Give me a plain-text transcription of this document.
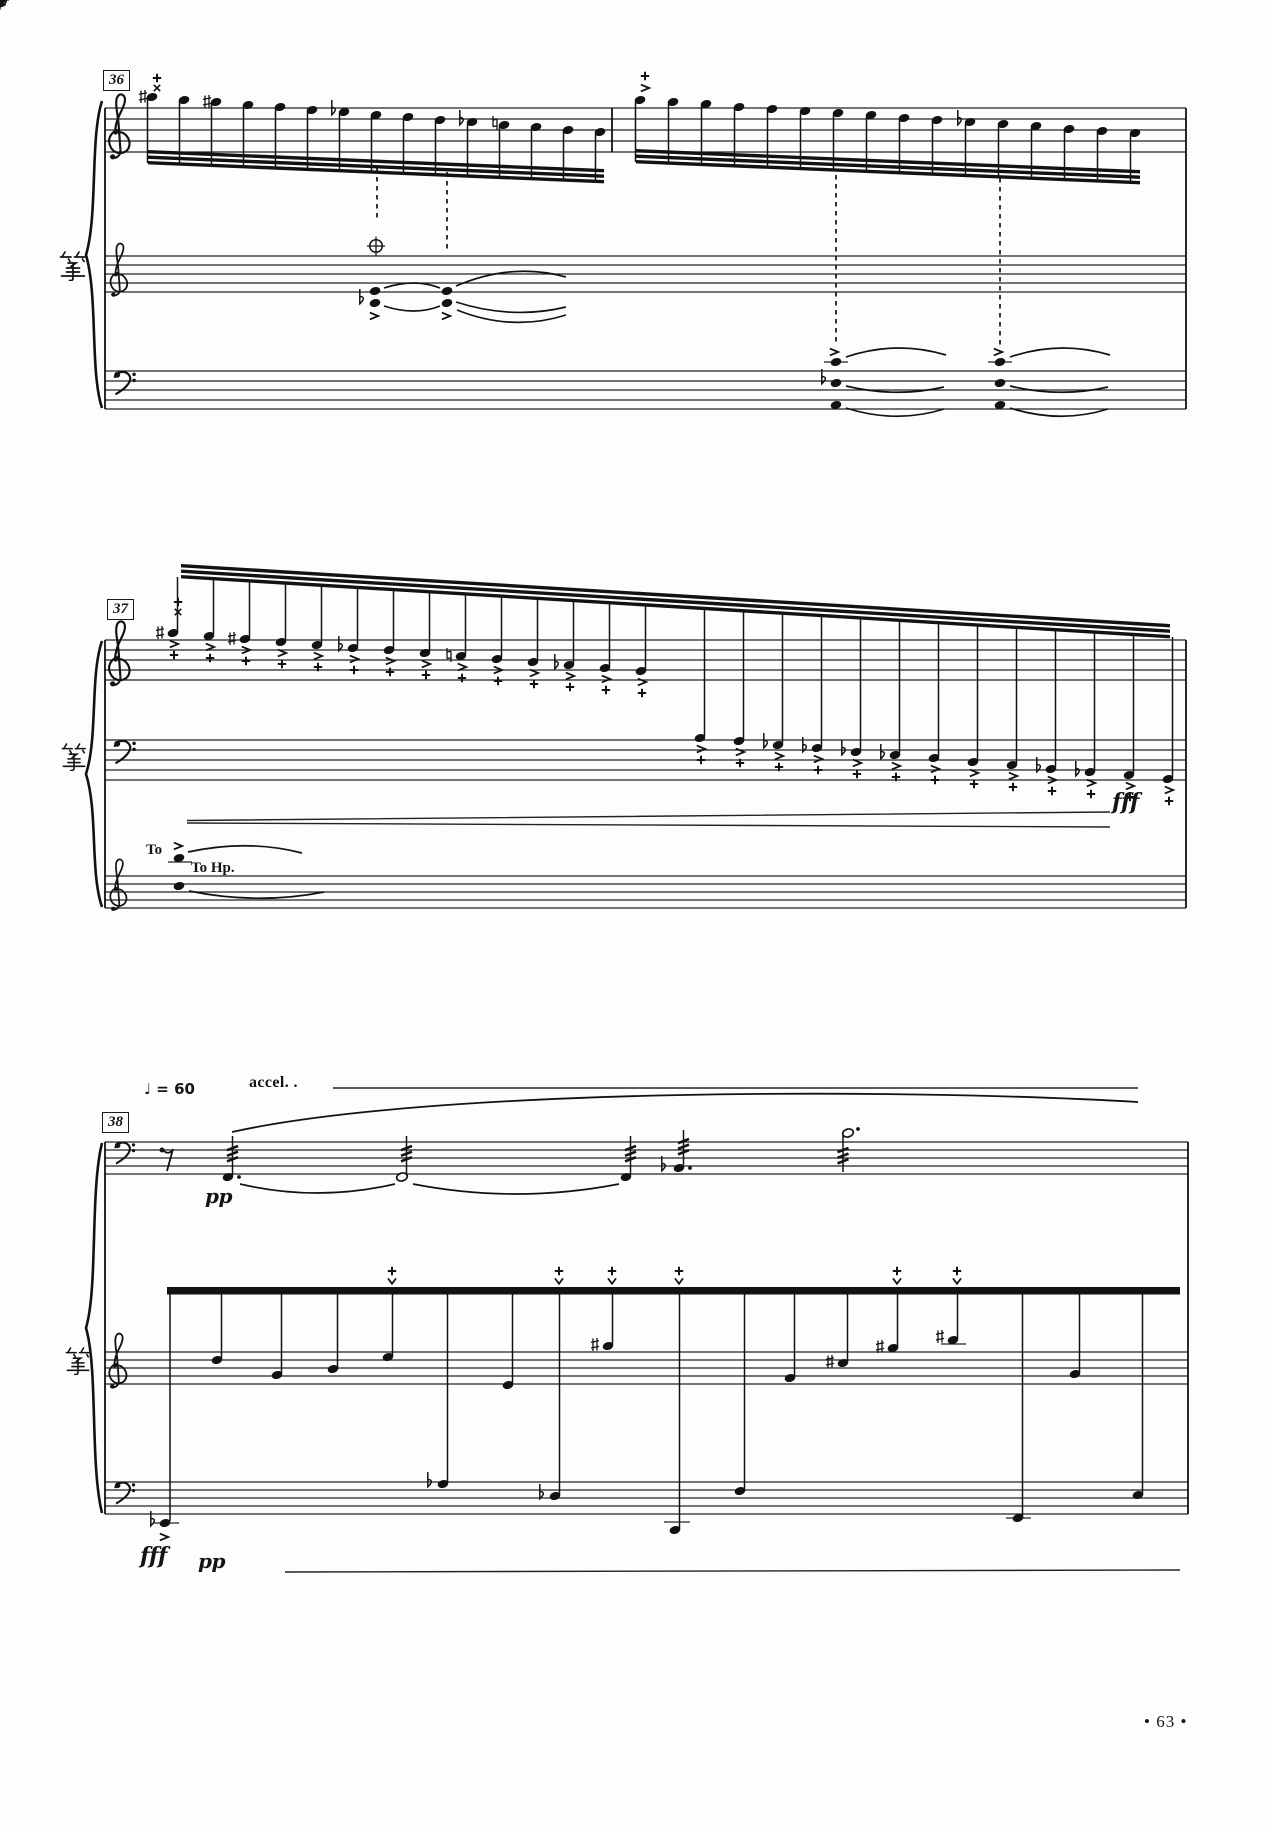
36
37
fff
To
To Hp.
♩ = 60	accel. .
38
pp
fff pp
• 63 •
